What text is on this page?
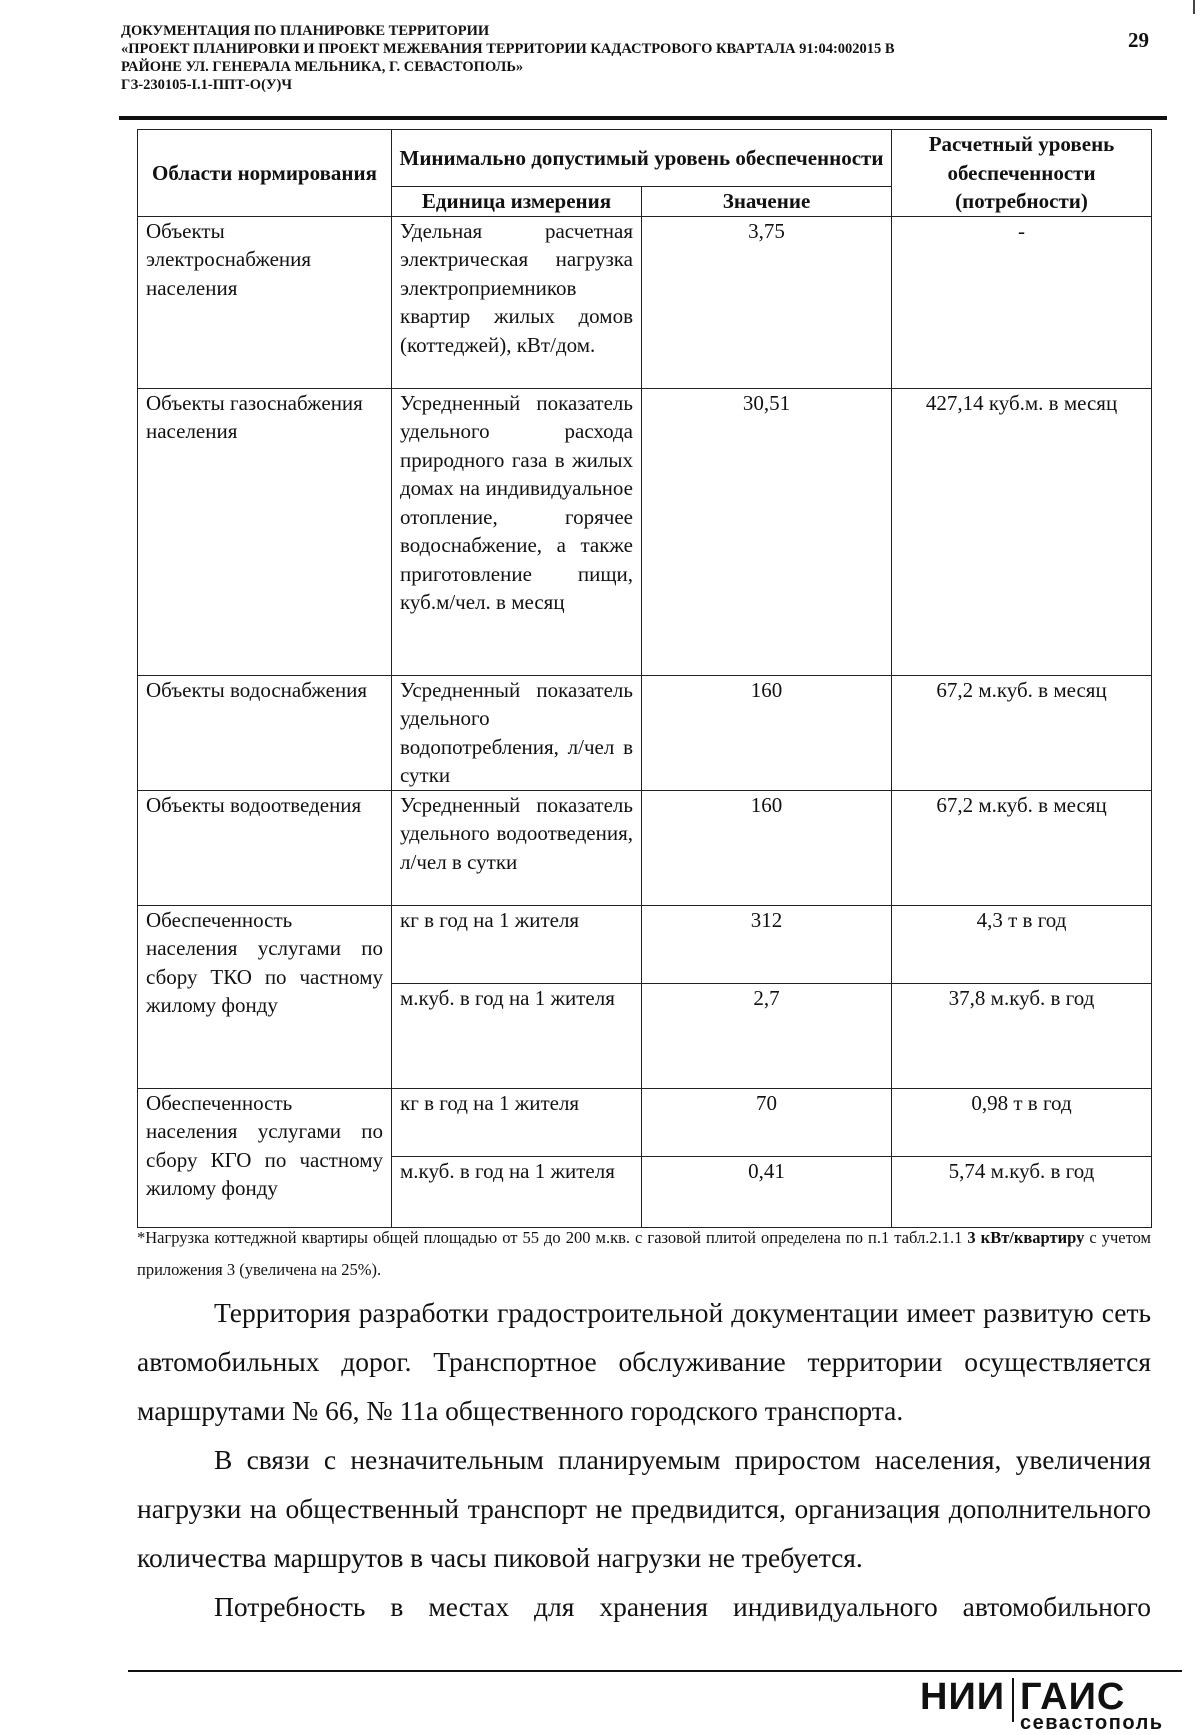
ДОКУМЕНТАЦИЯ ПО ПЛАНИРОВКЕ ТЕРРИТОРИИ
«ПРОЕКТ ПЛАНИРОВКИ И ПРОЕКТ МЕЖЕВАНИЯ ТЕРРИТОРИИ КАДАСТРОВОГО КВАРТАЛА 91:04:002015 В
РАЙОНЕ УЛ. ГЕНЕРАЛА МЕЛЬНИКА, Г. СЕВАСТОПОЛЬ»
ГЗ-230105-I.1-ППТ-О(У)Ч
29
Области нормирования	Минимально допустимый уровень обеспеченности		Расчетный уровень обеспеченности (потребности)

	Единица измерения	Значение	
Объекты электроснабжения населения	Удельная расчетная электрическая нагрузка электроприемников квартир жилых домов (коттеджей), кВт/дом.	3,75	-
Объекты газоснабжения населения	Усредненный показатель удельного расхода природного газа в жилых домах на индивидуальное отопление, горячее водоснабжение, а также приготовление пищи, куб.м/чел. в месяц	30,51	427,14 куб.м. в месяц
Объекты водоснабжения	Усредненный показатель удельного водопотребления, л/чел в сутки	160	67,2 м.куб. в месяц
Объекты водоотведения	Усредненный показатель удельного водоотведения, л/чел в сутки	160	67,2 м.куб. в месяц
Обеспеченность населения услугами по сбору ТКО по частному жилому фонду	кг в год на 1 жителя	312	4,3 т в год
	м.куб. в год на 1 жителя	2,7	37,8 м.куб. в год
Обеспеченность населения услугами по сбору КГО по частному жилому фонду	кг в год на 1 жителя	70	0,98 т в год
	м.куб. в год на 1 жителя	0,41	5,74 м.куб. в год
*Нагрузка коттеджной квартиры общей площадью от 55 до 200 м.кв. с газовой плитой определена по п.1 табл.2.1.1 3 кВт/квартиру с учетом приложения 3 (увеличена на 25%).

Территория разработки градостроительной документации имеет развитую сеть автомобильных дорог. Транспортное обслуживание территории осуществляется маршрутами № 66, № 11а общественного городского транспорта.

В связи с незначительным планируемым приростом населения, увеличения нагрузки на общественный транспорт не предвидится, организация дополнительного количества маршрутов в часы пиковой нагрузки не требуется.

Потребность в местах для хранения индивидуального автомобильного

НИИ ГАИС
севастополь
